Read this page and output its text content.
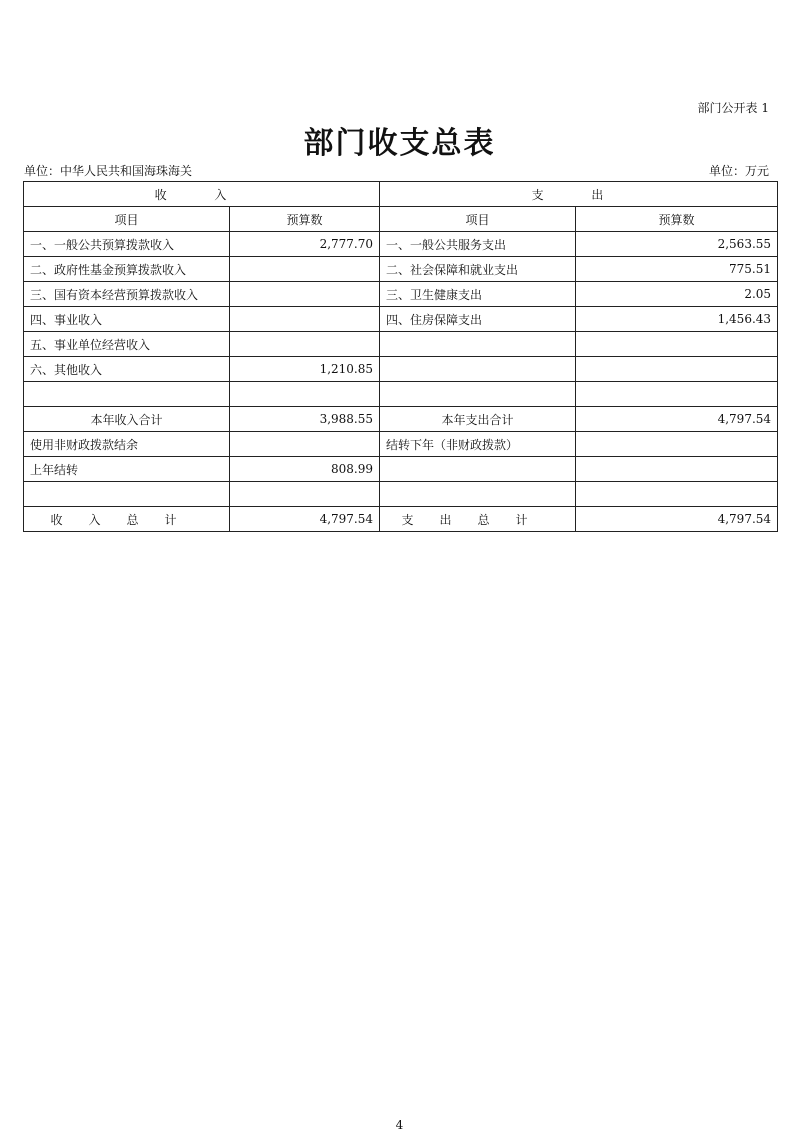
部门公开表 1
部门收支总表
单位：中华人民共和国海珠海关	单位：万元
收 入		支 出	
项目	预算数	项目	预算数
一、一般公共预算拨款收入	2,777.70	一、一般公共服务支出	2,563.55
二、政府性基金预算拨款收入		二、社会保障和就业支出	775.51
三、国有资本经营预算拨款收入		三、卫生健康支出	2.05
四、事业收入		四、住房保障支出	1,456.43
五、事业单位经营收入			
六、其他收入	1,210.85		

本年收入合计	3,988.55	本年支出合计	4,797.54
使用非财政拨款结余		结转下年（非财政拨款）	
上年结转	808.99		

收入总计	4,797.54	支出总计	4,797.54
4
